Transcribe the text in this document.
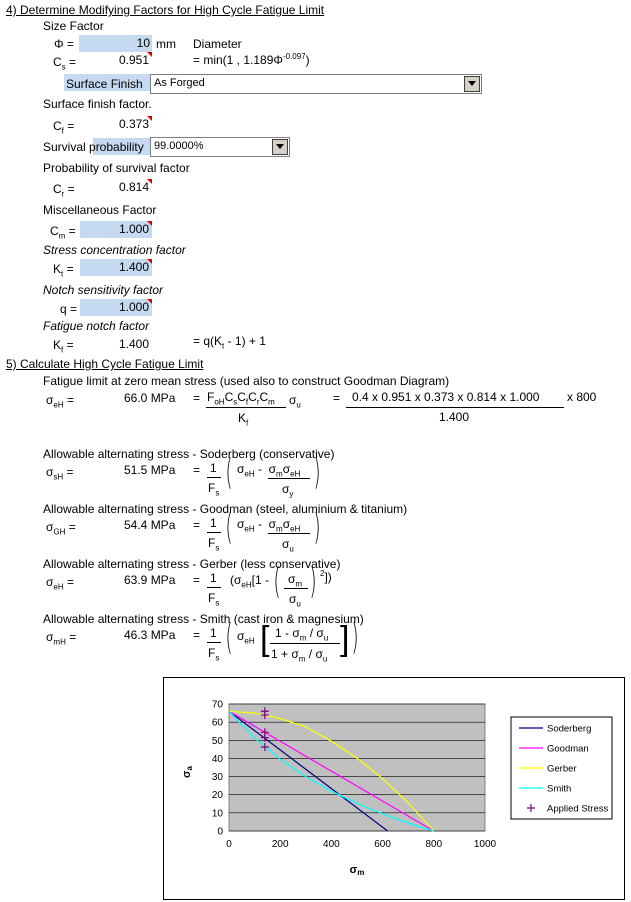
4) Determine Modifying Factors for High Cycle Fatigue Limit
Size Factor
Φ =	10 mm Diameter
$C_s$ =	0.951	= min(1 , $1.189\Phi^{-0.097}$)
Surface Finish As Forged
Surface finish factor.
$C_f$ =	0.373
Survival probability 99.0000%
Probability of survival factor
$C_r$ =	0.814
Miscellaneous Factor
$C_m$ =	1.000
Stress concentration factor
$K_t$ =	1.400
Notch sensitivity factor
q =	1.000
Fatigue notch factor
$K_f$ =	1.400	= $q(K_t - 1) + 1$
5) Calculate High Cycle Fatigue Limit
Fatigue limit at zero mean stress (used also to construct Goodman Diagram)
$\sigma_{eH}$ =	66.0 MPa = $F_{oH}C_sC_fC_rC_m$
$K_f$
$\sigma_u$	= 0.4 x 0.951 x 0.373 x 0.814 x 1.000
1.400
x 800
Allowable alternating stress - Soderberg (conservative)
$\sigma_{sH}$ =	51.5 MPa = 1
$F_s$ ( $\sigma_{eH} - \sigma_m\sigma_{eH}$
$\sigma_y$
)
Allowable alternating stress - Goodman (steel, aluminium & titanium)
$\sigma_{GH}$ =	54.4 MPa = 1
$F_s$ ( $\sigma_{eH} - \sigma_m\sigma_{eH}$
$\sigma_u$
)
Allowable alternating stress - Gerber (less conservative)
$\sigma_{eH}$ =	63.9 MPa = 1
$F_s$
($\sigma_{eH}[1$ - ( $\sigma_m$
$\sigma_u$
) $^2$])
Allowable alternating stress - Smith (cast iron & magnesium)
$\sigma_{mH}$ =	46.3 MPa = 1
$F_s$ ( $\sigma_{eH}$ [ $1 - \sigma_m / \sigma_u$
$1 + \sigma_m / \sigma_u$
] )
0
10
20
30
40
50
60
70
0	200	400	600	800	1000
σm
σa
Soderberg
Goodman
Gerber
Smith
Applied Stress
